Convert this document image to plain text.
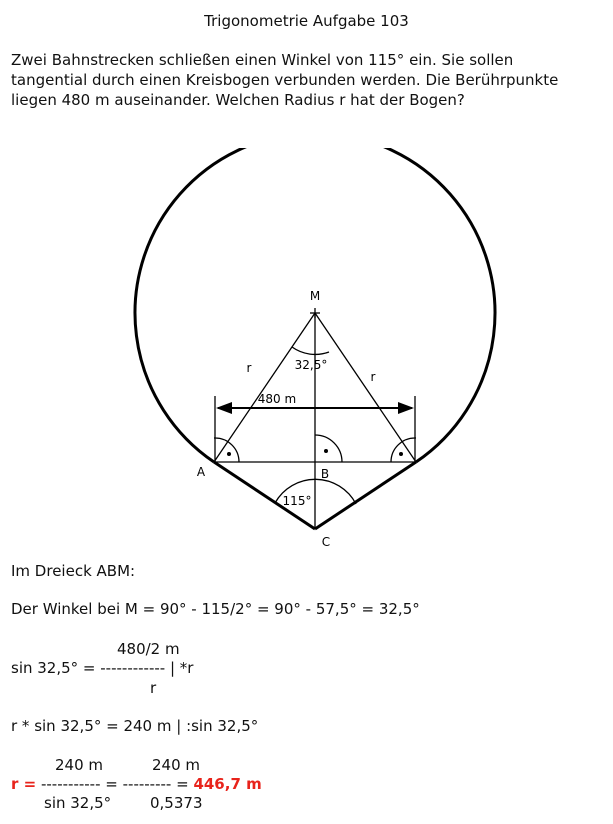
Trigonometrie Aufgabe 103
Zwei Bahnstrecken schließen einen Winkel von 115° ein. Sie sollen
tangential durch einen Kreisbogen verbunden werden. Die Berührpunkte
liegen 480 m auseinander. Welchen Radius r hat der Bogen?
M
A	B
C
r
r
32,5°
480 m
115°
Im Dreieck ABM:
Der Winkel bei M = 90° - 115/2° = 90° - 57,5° = 32,5°
480/2 m
sin 32,5° = ------------ | *r
r
r * sin 32,5° = 240 m | :sin 32,5°
240 m	240 m
r = ----------- = --------- = 446,7 m
sin 32,5°	0,5373
